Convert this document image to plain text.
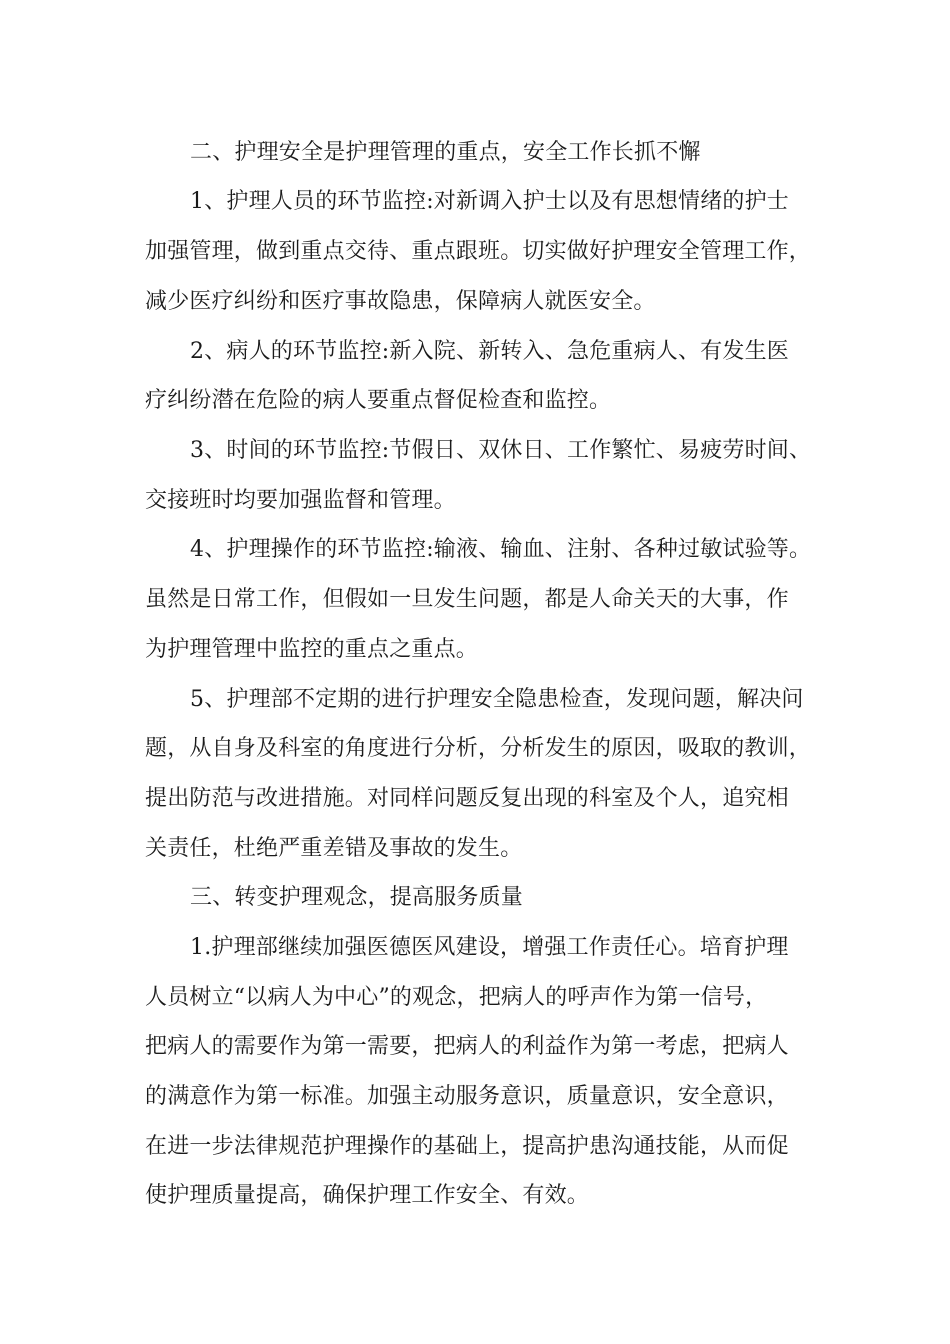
二、护理安全是护理管理的重点，安全工作长抓不懈
1、护理人员的环节监控:对新调入护士以及有思想情绪的护士
加强管理，做到重点交待、重点跟班。切实做好护理安全管理工作，
减少医疗纠纷和医疗事故隐患，保障病人就医安全。
2、病人的环节监控:新入院、新转入、急危重病人、有发生医
疗纠纷潜在危险的病人要重点督促检查和监控。
3、时间的环节监控:节假日、双休日、工作繁忙、易疲劳时间、
交接班时均要加强监督和管理。
4、护理操作的环节监控:输液、输血、注射、各种过敏试验等。
虽然是日常工作，但假如一旦发生问题，都是人命关天的大事，作
为护理管理中监控的重点之重点。
5、护理部不定期的进行护理安全隐患检查，发现问题，解决问
题，从自身及科室的角度进行分析，分析发生的原因，吸取的教训，
提出防范与改进措施。对同样问题反复出现的科室及个人，追究相
关责任，杜绝严重差错及事故的发生。
三、转变护理观念，提高服务质量
1.护理部继续加强医德医风建设，增强工作责任心。培育护理
人员树立“以病人为中心”的观念，把病人的呼声作为第一信号，
把病人的需要作为第一需要，把病人的利益作为第一考虑，把病人
的满意作为第一标准。加强主动服务意识，质量意识，安全意识，
在进一步法律规范护理操作的基础上，提高护患沟通技能，从而促
使护理质量提高，确保护理工作安全、有效。
